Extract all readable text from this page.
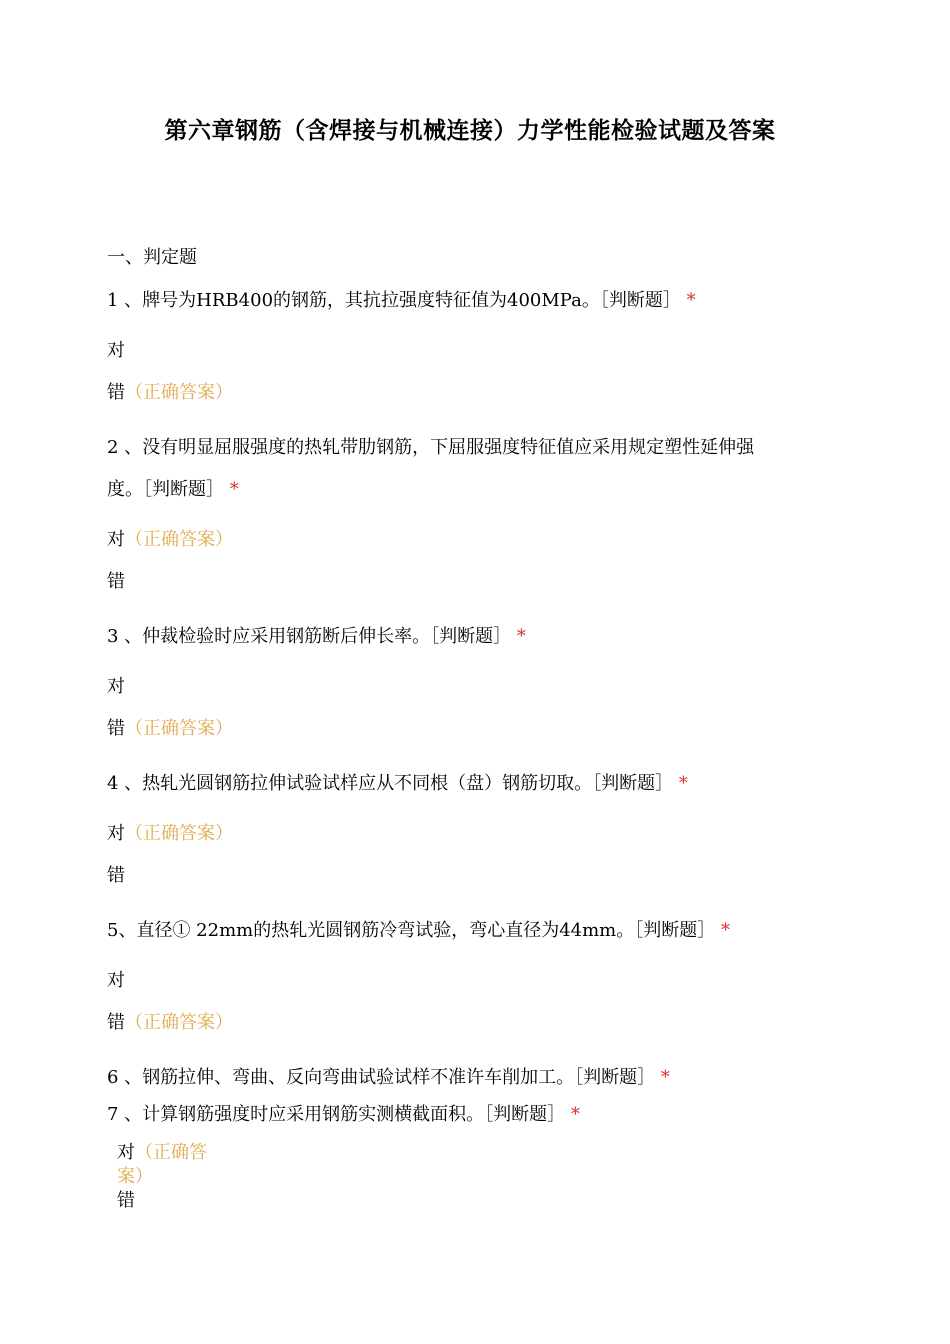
第六章钢筋（含焊接与机械连接）力学性能检验试题及答案
一、判定题
1 、牌号为HRB400的钢筋，其抗拉强度特征值为400MPa。［判断题］ *
对
错（正确答案）
2 、没有明显屈服强度的热轧带肋钢筋，下屈服强度特征值应采用规定塑性延伸强
度。［判断题］ *
对（正确答案）
错
3 、仲裁检验时应采用钢筋断后伸长率。［判断题］ *
对
错（正确答案）
4 、热轧光圆钢筋拉伸试验试样应从不同根（盘）钢筋切取。［判断题］ *
对（正确答案）
错
5、直径① 22mm的热轧光圆钢筋冷弯试验，弯心直径为44mm。［判断题］ *
对
错（正确答案）
6 、钢筋拉伸、弯曲、反向弯曲试验试样不准许车削加工。［判断题］ *
7 、计算钢筋强度时应采用钢筋实测横截面积。［判断题］ *
对（正确答案）
错
